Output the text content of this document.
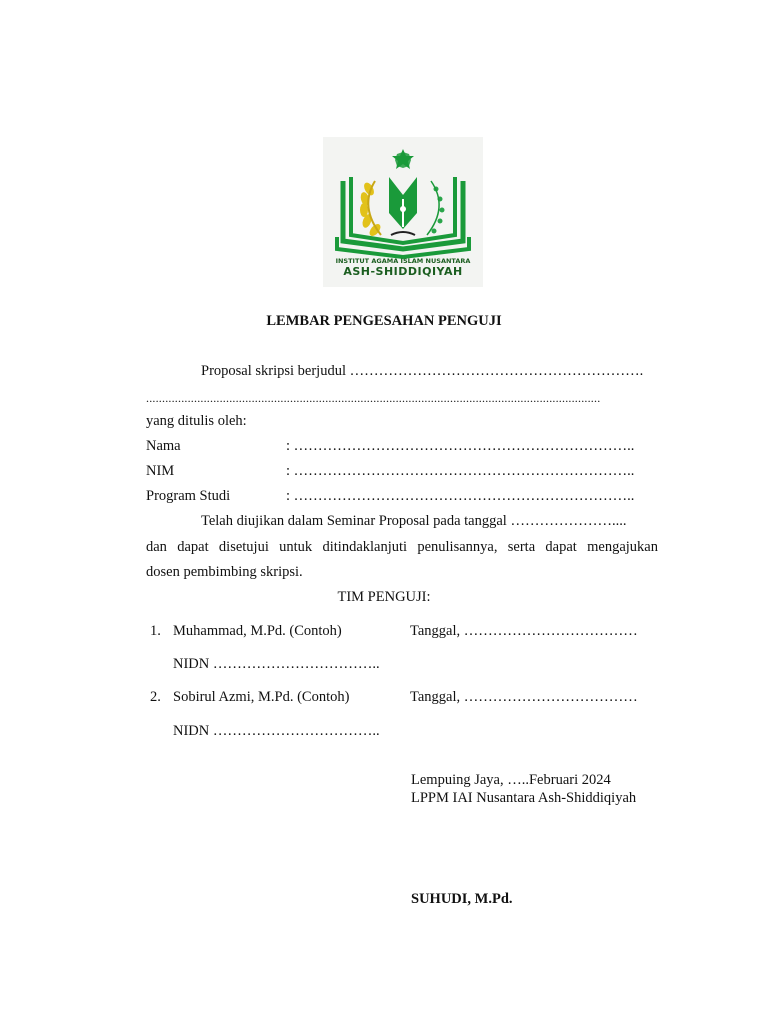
INSTITUT AGAMA ISLAM NUSANTARA
ASH-SHIDDIQIYAH
LEMBAR PENGESAHAN PENGUJI
Proposal skripsi berjudul …………………………………………………….
..............................................................................................................................................
yang ditulis oleh:
Nama	: ……………………………………………………………..
NIM	: ……………………………………………………………..
Program Studi	: ……………………………………………………………..
Telah diujikan dalam Seminar Proposal pada tanggal …………………....
dan dapat disetujui untuk ditindaklanjuti penulisannya, serta dapat mengajukan
dosen pembimbing skripsi.
TIM PENGUJI:
1. Muhammad, M.Pd. (Contoh)	Tanggal, ………………………………
NIDN ……………………………..
2. Sobirul Azmi, M.Pd. (Contoh)	Tanggal, ………………………………
NIDN ……………………………..
Lempuing Jaya, …..Februari 2024
LPPM IAI Nusantara Ash-Shiddiqiyah
SUHUDI, M.Pd.
